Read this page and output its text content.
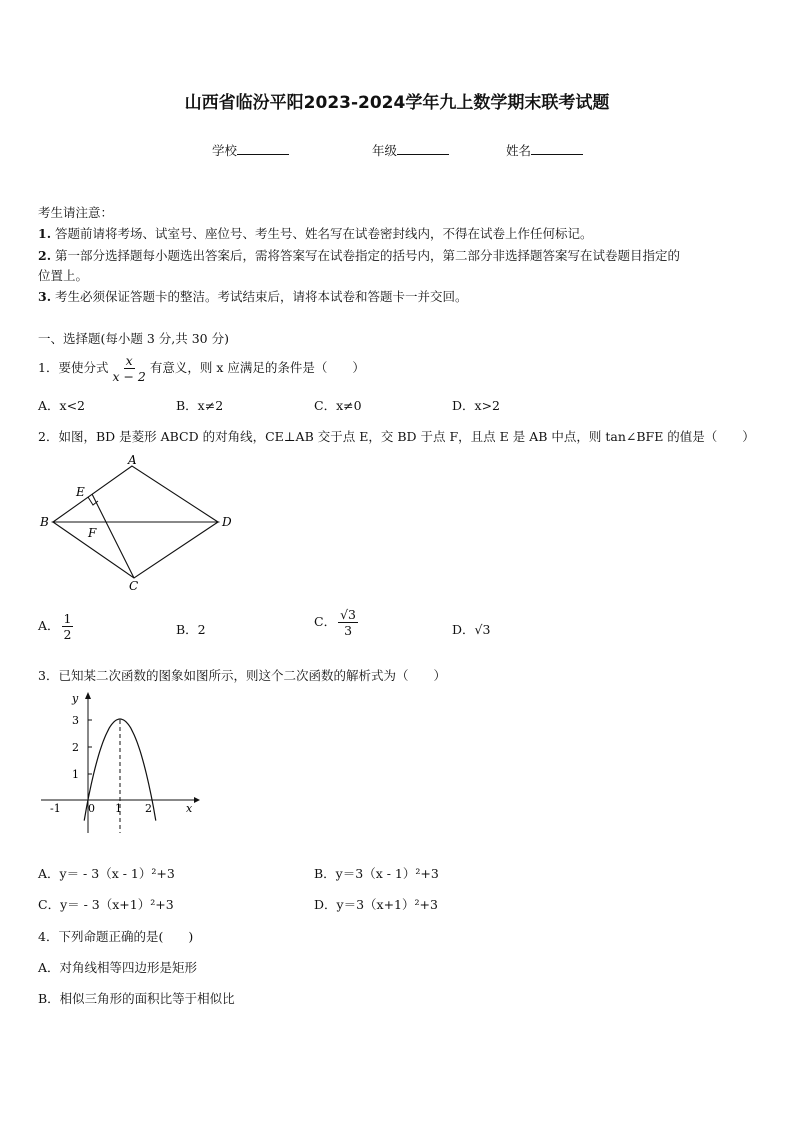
山西省临汾平阳2023-2024学年九上数学期末联考试题
学校	年级	姓名
考生请注意：
1. 答题前请将考场、试室号、座位号、考生号、姓名写在试卷密封线内，不得在试卷上作任何标记。
2. 第一部分选择题每小题选出答案后，需将答案写在试卷指定的括号内，第二部分非选择题答案写在试卷题目指定的
位置上。
3. 考生必须保证答题卡的整洁。考试结束后，请将本试卷和答题卡一并交回。
一、选择题(每小题 3 分,共 30 分)
1．要使分式 $\frac{x}{x - 2}$ 有意义，则 x 应满足的条件是（　　）
A．x<2	B．x≠2	C．x≠0	D．x>2
2．如图，BD 是菱形 ABCD 的对角线，CE⊥AB 交于点 E，交 BD 于点 F，且点 E 是 AB 中点，则 tan∠BFE 的值是（　　）
A
B
C
D
E
F
A． $\frac{1}{2}$	B．2
C． $\frac{√3}{3}$	D．√3
3．已知某二次函数的图象如图所示，则这个二次函数的解析式为（　　）
y
x
3
2
1
-1 0 1 2
A．y＝ - 3（x - 1）²+3	B．y＝3（x - 1）²+3
C．y＝ - 3（x+1）²+3	D．y＝3（x+1）²+3
4．下列命题正确的是(　　)
A．对角线相等四边形是矩形
B．相似三角形的面积比等于相似比
